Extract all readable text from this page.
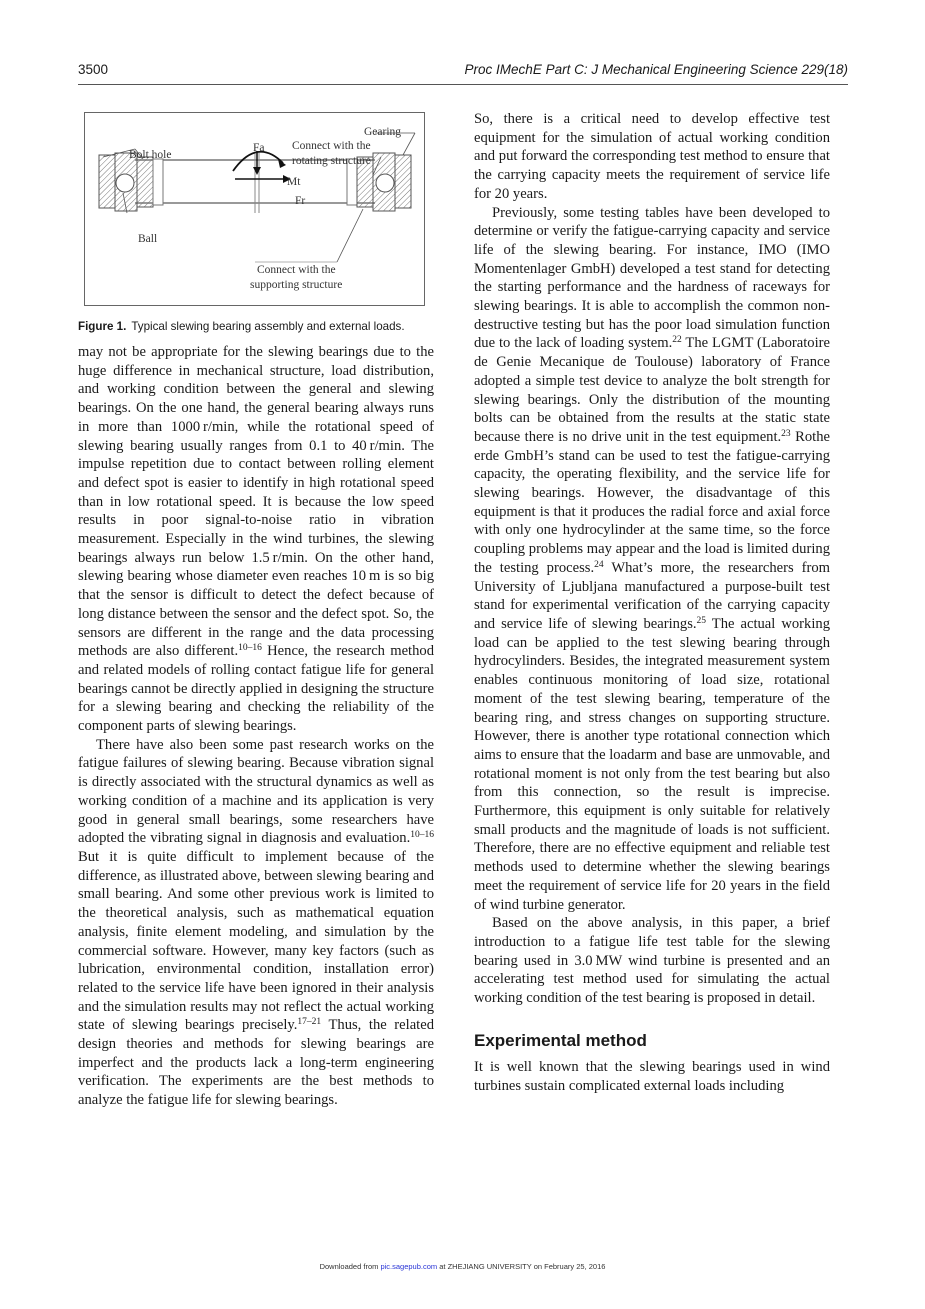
3500	Proc IMechE Part C: J Mechanical Engineering Science 229(18)
Bolt hole
Ball
Gearing
Connect with the
rotating structure
Connect with the
supporting structure
Fa
Mt
Fr
Figure 1. Typical slewing bearing assembly and external loads.

may not be appropriate for the slewing bearings due to the huge difference in mechanical structure, load distribution, and working condition between the general and slewing bearings. On the one hand, the general bearing always runs in more than 1000 r/min, while the rotational speed of slewing bearing usually ranges from 0.1 to 40 r/min. The impulse repetition due to contact between rolling element and defect spot is easier to identify in high rotational speed than in low rotational speed. It is because the low speed results in poor signal-to-noise ratio in vibration measurement. Especially in the wind turbines, the slewing bearings always run below 1.5 r/min. On the other hand, slewing bearing whose diameter even reaches 10 m is so big that the sensor is difficult to detect the defect because of long distance between the sensor and the defect spot. So, the sensors are different in the range and the data processing methods are also different.$^{10-16}$ Hence, the research method and related models of rolling contact fatigue life for general bearings cannot be directly applied in designing the structure for a slewing bearing and checking the reliability of the component parts of slewing bearings.

There have also been some past research works on the fatigue failures of slewing bearing. Because vibration signal is directly associated with the structural dynamics as well as working condition of a machine and its application is very good in general small bearings, some researchers have adopted the vibrating signal in diagnosis and evaluation.$^{10-16}$ But it is quite difficult to implement because of the difference, as illustrated above, between slewing bearing and small bearing. And some other previous work is limited to the theoretical analysis, such as mathematical equation analysis, finite element modeling, and simulation by the commercial software. However, many key factors (such as lubrication, environmental condition, installation error) related to the service life have been ignored in their analysis and the simulation results may not reflect the actual working state of slewing bearings precisely.$^{17-21}$ Thus, the related design theories and methods for slewing bearings are imperfect and the products lack a long-term engineering verification. The experiments are the best methods to analyze the fatigue life for slewing bearings.

So, there is a critical need to develop effective test equipment for the simulation of actual working condition and put forward the corresponding test method to ensure that the carrying capacity meets the requirement of service life for 20 years.

Previously, some testing tables have been developed to determine or verify the fatigue-carrying capacity and service life of the slewing bearing. For instance, IMO (IMO Momentenlager GmbH) developed a test stand for detecting the starting performance and the hardness of raceways for slewing bearings. It is able to accomplish the common non-destructive testing but has the poor load simulation function due to the lack of loading system.$^{22}$ The LGMT (Laboratoire de Genie Mecanique de Toulouse) laboratory of France adopted a simple test device to analyze the bolt strength for slewing bearings. Only the distribution of the mounting bolts can be obtained from the results at the static state because there is no drive unit in the test equipment.$^{23}$ Rothe erde GmbH’s stand can be used to test the fatigue-carrying capacity, the operating flexibility, and the service life for slewing bearings. However, the disadvantage of this equipment is that it produces the radial force and axial force with only one hydrocylinder at the same time, so the force coupling problems may appear and the load is limited during the testing process.$^{24}$ What’s more, the researchers from University of Ljubljana manufactured a purpose-built test stand for experimental verification of the carrying capacity and service life of slewing bearings.$^{25}$ The actual working load can be applied to the test slewing bearing through hydrocylinders. Besides, the integrated measurement system enables continuous monitoring of load size, rotational moment of the test slewing bearing, temperature of the bearing ring, and stress changes on supporting structure. However, there is another type rotational connection which aims to ensure that the loadarm and base are unmovable, and rotational moment is not only from the test bearing but also from this connection, so the result is imprecise. Furthermore, this equipment is only suitable for relatively small products and the magnitude of loads is not sufficient. Therefore, there are no effective equipment and reliable test methods used to determine whether the slewing bearings meet the requirement of service life for 20 years in the field of wind turbine generator.

Based on the above analysis, in this paper, a brief introduction to a fatigue life test table for the slewing bearing used in 3.0 MW wind turbine is presented and an accelerating test method used for simulating the actual working condition of the test bearing is proposed in detail.

Experimental method

It is well known that the slewing bearings used in wind turbines sustain complicated external loads including

Downloaded from pic.sagepub.com at ZHEJIANG UNIVERSITY on February 25, 2016
